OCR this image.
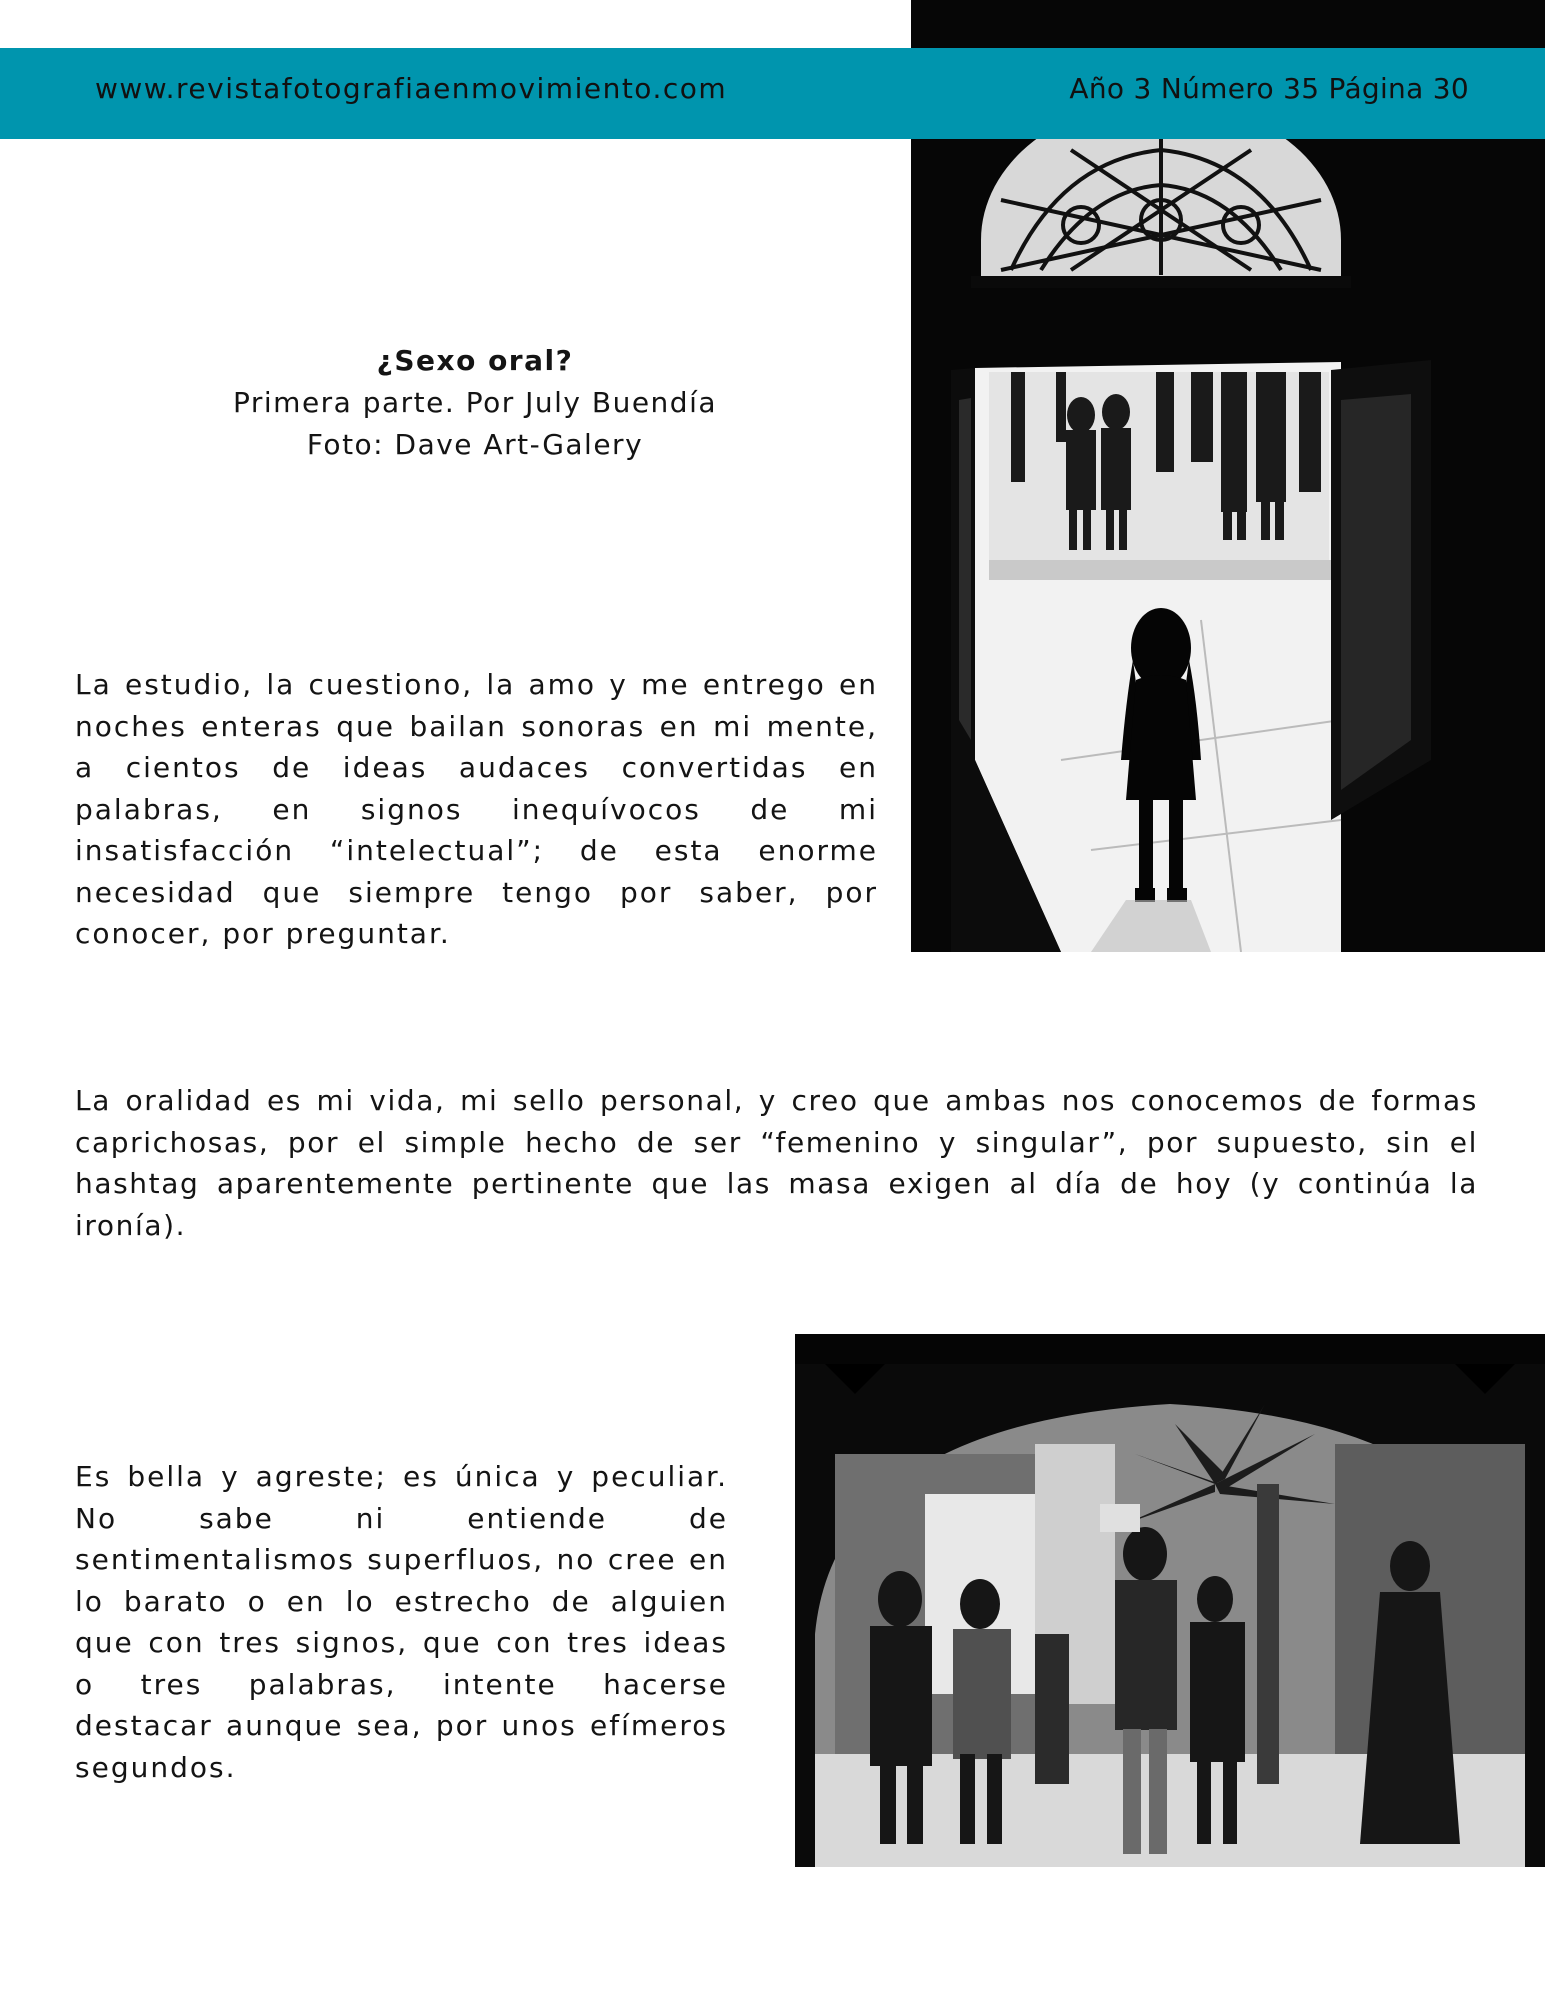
www.revistafotografiaenmovimiento.com	Año 3 Número 35 Página 30
¿Sexo oral?
Primera parte. Por July Buendía
Foto: Dave Art-Galery

La estudio, la cuestiono, la amo y me entrego en noches enteras que bailan sonoras en mi mente, a cientos de ideas audaces convertidas en palabras, en signos inequívocos de mi insatisfacción “intelectual”; de esta enorme necesidad que siempre tengo por saber, por conocer, por preguntar.

La oralidad es mi vida, mi sello personal, y creo que ambas nos conocemos de formas caprichosas, por el simple hecho de ser “femenino y singular”, por supuesto, sin el hashtag aparentemente pertinente que las masa exigen al día de hoy (y continúa la ironía).

Es bella y agreste; es única y peculiar. No sabe ni entiende de sentimentalismos superfluos, no cree en lo barato o en lo estrecho de alguien que con tres signos, que con tres ideas o tres palabras, intente hacerse destacar aunque sea, por unos efímeros segundos.
